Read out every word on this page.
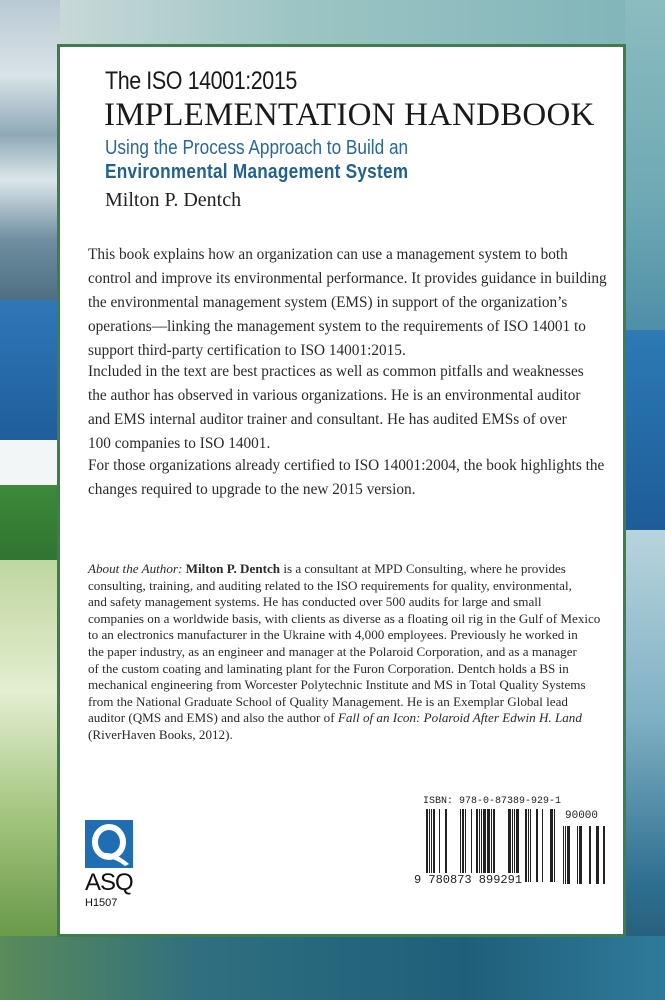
The ISO 14001:2015
IMPLEMENTATION HANDBOOK
Using the Process Approach to Build an
Environmental Management System
Milton P. Dentch
This book explains how an organization can use a management system to both
control and improve its environmental performance. It provides guidance in building
the environmental management system (EMS) in support of the organization’s
operations—linking the management system to the requirements of ISO 14001 to
support third-party certification to ISO 14001:2015.
Included in the text are best practices as well as common pitfalls and weaknesses
the author has observed in various organizations. He is an environmental auditor
and EMS internal auditor trainer and consultant. He has audited EMSs of over
100 companies to ISO 14001.
For those organizations already certified to ISO 14001:2004, the book highlights the
changes required to upgrade to the new 2015 version.
About the Author: Milton P. Dentch is a consultant at MPD Consulting, where he provides
consulting, training, and auditing related to the ISO requirements for quality, environmental,
and safety management systems. He has conducted over 500 audits for large and small
companies on a worldwide basis, with clients as diverse as a floating oil rig in the Gulf of Mexico
to an electronics manufacturer in the Ukraine with 4,000 employees. Previously he worked in
the paper industry, as an engineer and manager at the Polaroid Corporation, and as a manager
of the custom coating and laminating plant for the Furon Corporation. Dentch holds a BS in
mechanical engineering from Worcester Polytechnic Institute and MS in Total Quality Systems
from the National Graduate School of Quality Management. He is an Exemplar Global lead
auditor (QMS and EMS) and also the author of Fall of an Icon: Polaroid After Edwin H. Land
(RiverHaven Books, 2012).
ASQ
H1507
ISBN: 978-0-87389-929-1
90000
9 780873 899291
